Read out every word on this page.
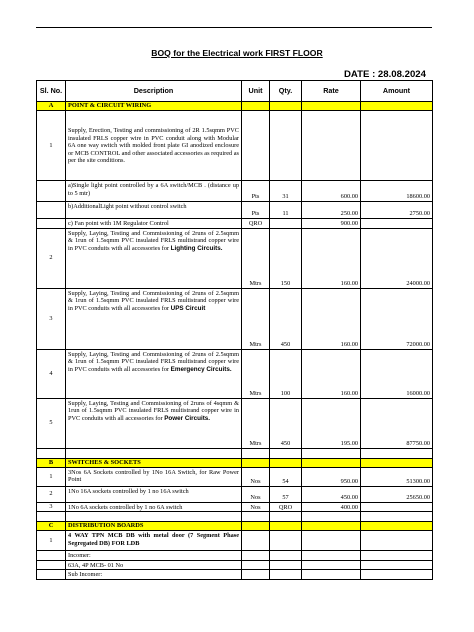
BOQ for the Electrical work FIRST FLOOR
DATE : 28.08.2024
Sl. No.	Description	Unit	Qty.	Rate	Amount
A	POINT & CIRCUIT WIRING				
1	Supply, Erection, Testing and commissioning of 2R 1.5sqmm PVC insulated FRLS copper wire in PVC conduit along with Modular 6A one way switch with molded front plate GI anodized enclosure or MCB CONTROL and other associated accessories as required as per the site conditions.				
	a)Single light point controlled by a 6A switch/MCB . (distance up to 5 mtr)	Pts	31	600.00	18600.00
	b)AdditionalLight point without control switch	Pts	11	250.00	2750.00
	c) Fan point with 1M Regulator Control	QRO		900.00	
2	Supply, Laying, Testing and Commissioning of 2runs of 2.5sqmm & 1run of 1.5sqmm PVC insulated FRLS multistrand copper wire in PVC conduits with all accessories for Lighting Circuits.	Mtrs	150	160.00	24000.00
3	Supply, Laying, Testing and Commissioning of 2runs of 2.5sqmm & 1run of 1.5sqmm PVC insulated FRLS multistrand copper wire in PVC conduits with all accessories for UPS Circuit	Mtrs	450	160.00	72000.00
4	Supply, Laying, Testing and Commissioning of 2runs of 2.5sqmm & 1run of 1.5sqmm PVC insulated FRLS multistrand copper wire in PVC conduits with all accessories for Emergency Circuits.	Mtrs	100	160.00	16000.00
5	Supply, Laying, Testing and Commissioning of 2runs of 4sqmm & 1run of 1.5sqmm PVC insulated FRLS multistrand copper wire in PVC conduits with all accessories for Power Circuits.	Mtrs	450	195.00	87750.00

B	SWITCHES & SOCKETS				
1	3Nos 6A Sockets controlled by 1No 16A Switch, for Raw Power Point	Nos	54	950.00	51300.00
2	1No 16A sockets controlled by 1 no 16A switch	Nos	57	450.00	25650.00
3	1No 6A sockets controlled by 1 no 6A switch	Nos	QRO	400.00	

C	DISTRIBUTION BOARDS				
1	4 WAY TPN MCB DB with metal door (7 Segment Phase Segregated DB) FOR LDB				
	Incomer:				
	63A, 4P MCB- 01 No				
	Sub Incomer:				
